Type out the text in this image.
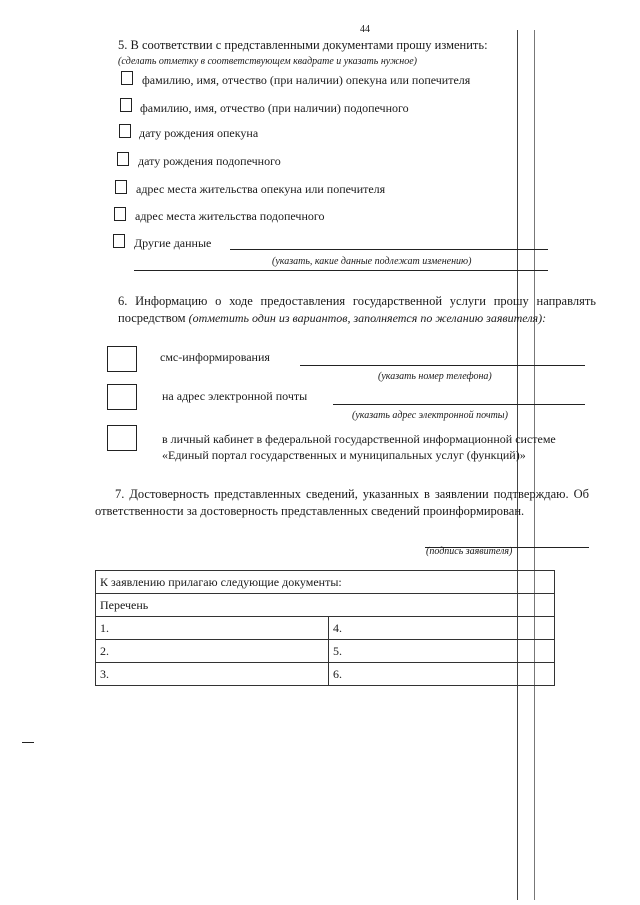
44
5. В соответствии с представленными документами прошу изменить:
(сделать отметку в соответствующем квадрате и указать нужное)
фамилию, имя, отчество (при наличии) опекуна или попечителя
фамилию, имя, отчество (при наличии) подопечного
дату рождения опекуна
дату рождения подопечного
адрес места жительства опекуна или попечителя
адрес места жительства подопечного
Другие данные
(указать, какие данные подлежат изменению)
6. Информацию о ходе предоставления государственной услуги прошу направлять посредством (отметить один из вариантов, заполняется по желанию заявителя):
смс-информирования
(указать номер телефона)
на адрес электронной почты
(указать адрес электронной почты)
в личный кабинет в федеральной государственной информационной системе «Единый портал государственных и муниципальных услуг (функций)»
7. Достоверность представленных сведений, указанных в заявлении подтверждаю. Об ответственности за достоверность представленных сведений проинформирован.
(подпись заявителя)
К заявлению прилагаю следующие документы:	
Перечень	
1.	4.
2.	5.
3.	6.
